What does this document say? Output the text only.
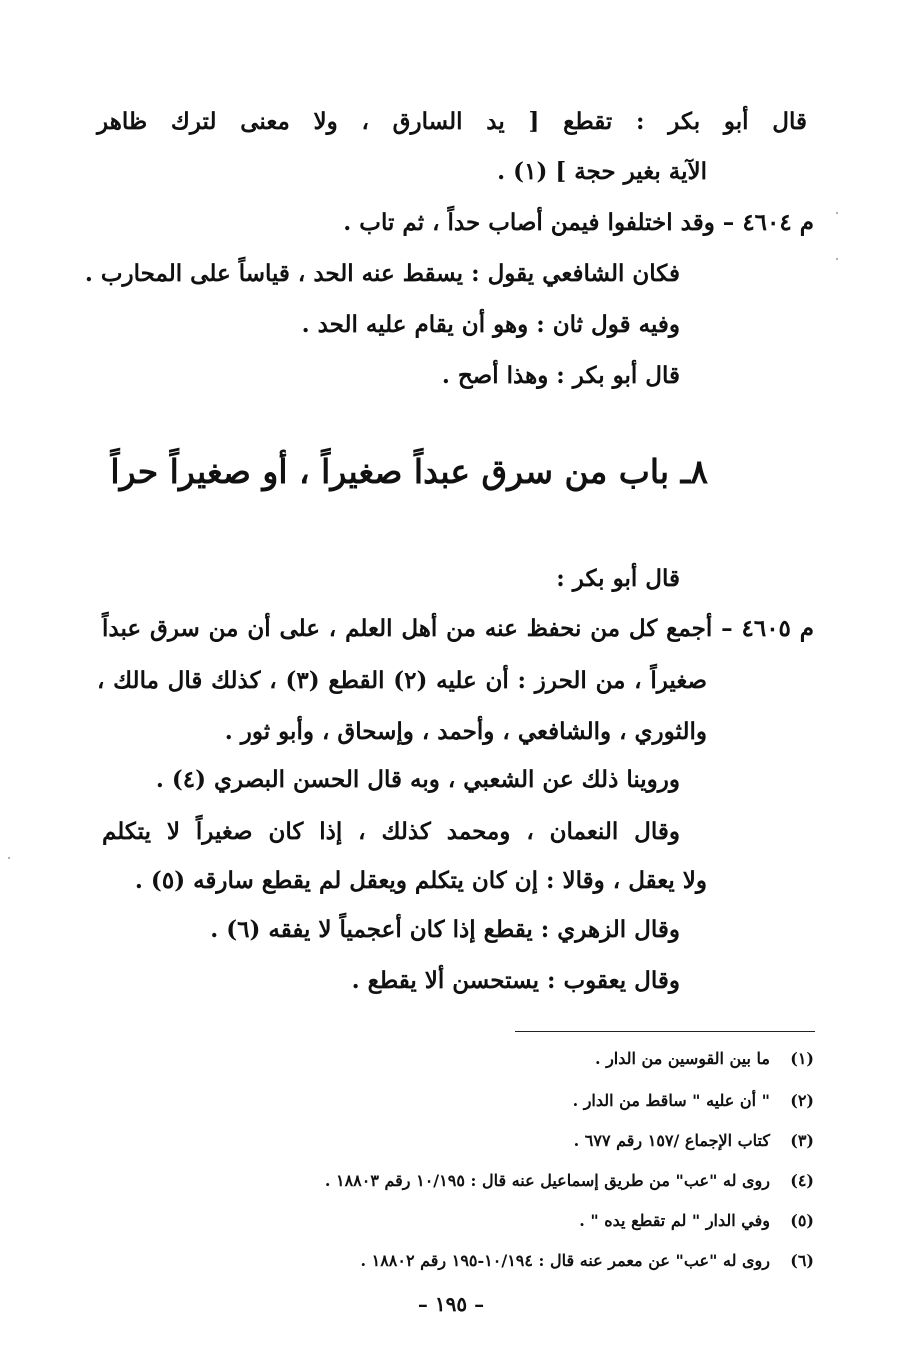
قال أبو بكر : تقطع [ يد السارق ، ولا معنى لترك ظاهر
الآية بغير حجة ] (١) .
م ٤٦٠٤ – وقد اختلفوا فيمن أصاب حداً ، ثم تاب .
فكان الشافعي يقول : يسقط عنه الحد ، قياساً على المحارب .
وفيه قول ثان : وهو أن يقام عليه الحد .
قال أبو بكر : وهذا أصح .
٨ـ باب من سرق عبداً صغيراً ، أو صغيراً حراً
قال أبو بكر :
م ٤٦٠٥ – أجمع كل من نحفظ عنه من أهل العلم ، على أن من سرق عبداً
صغيراً ، من الحرز : أن عليه (٢) القطع (٣) ، كذلك قال مالك ،
والثوري ، والشافعي ، وأحمد ، وإسحاق ، وأبو ثور .
وروينا ذلك عن الشعبي ، وبه قال الحسن البصري (٤) .
وقال النعمان ، ومحمد كذلك ، إذا كان صغيراً لا يتكلم
ولا يعقل ، وقالا : إن كان يتكلم ويعقل لم يقطع سارقه (٥) .
وقال الزهري : يقطع إذا كان أعجمياً لا يفقه (٦) .
وقال يعقوب : يستحسن ألا يقطع .
(١)ما بين القوسين من الدار .
(٢)" أن عليه " ساقط من الدار .
(٣)كتاب الإجماع /١٥٧ رقم ٦٧٧ .
(٤)روى له "عب" من طريق إسماعيل عنه قال : ١٠/١٩٥ رقم ١٨٨٠٣ .
(٥)وفي الدار " لم تقطع يده " .
(٦)روى له "عب" عن معمر عنه قال : ١٠/١٩٤-١٩٥ رقم ١٨٨٠٢ .
– ١٩٥ –
